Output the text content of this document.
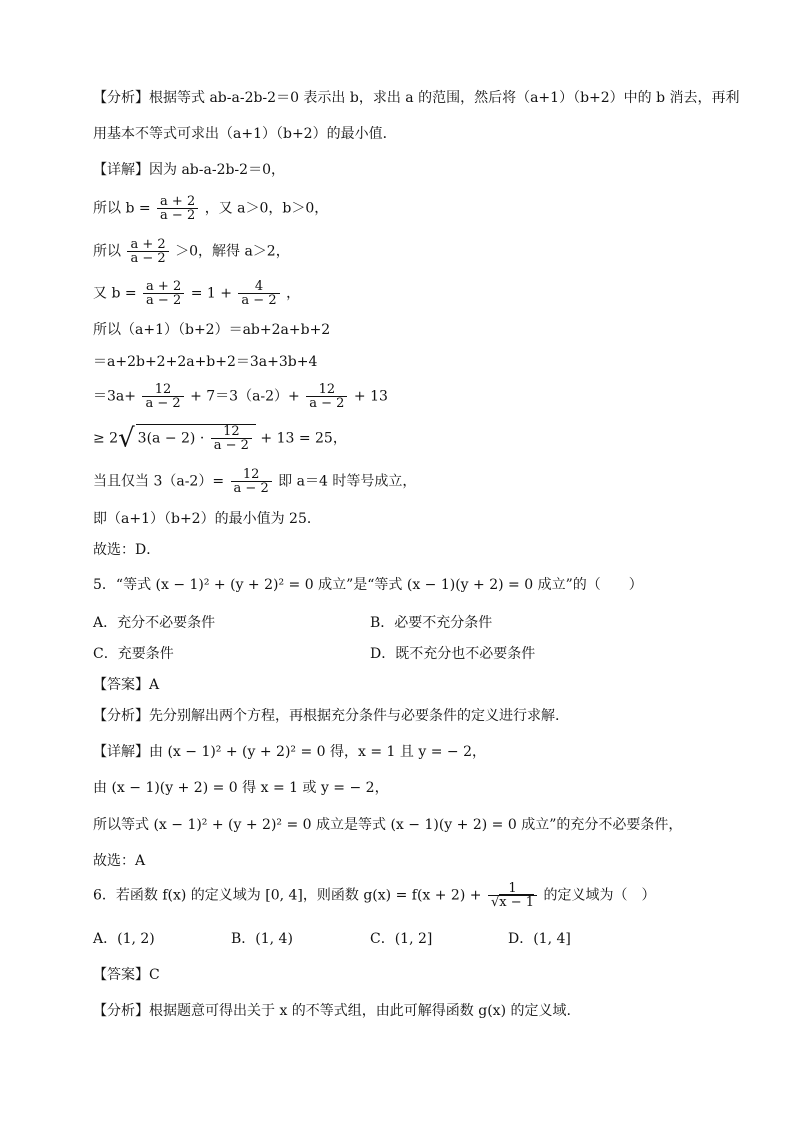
【分析】根据等式 ab-a-2b-2＝0 表示出 b，求出 a 的范围，然后将（a+1）（b+2）中的 b 消去，再利
用基本不等式可求出（a+1）（b+2）的最小值．
【详解】因为 ab-a-2b-2＝0，
所以 $b = \frac{a + 2}{a - 2}$ ，又 a＞0，b＞0，
所以 $\frac{a + 2}{a - 2} >0$，解得 a＞2，
又 $b = \frac{a + 2}{a - 2} = 1 + \frac{4}{a - 2}$ ，
所以（a+1）（b+2）＝ab+2a+b+2
＝a+2b+2+2a+b+2＝3a+3b+4
$=3a+ \frac{12}{a - 2} + 7=3(a-2)+ \frac{12}{a - 2} + 13$
≥ 2√ $3(a - 2) \cdot \frac{12}{a - 2} + 13 = 25$，
当且仅当 $3(a-2)= \frac{12}{a - 2}$ 即 a＝4 时等号成立，
即（a+1）（b+2）的最小值为 25．
故选：D．
5．“等式 (x − 1)² + (y + 2)² = 0 成立”是“等式 (x − 1)(y + 2) = 0 成立”的（　　）
A．充分不必要条件	B．必要不充分条件
C．充要条件	D．既不充分也不必要条件
【答案】A
【分析】先分别解出两个方程，再根据充分条件与必要条件的定义进行求解.
【详解】由 (x − 1)² + (y + 2)² = 0 得，x = 1 且 y = − 2，
由 (x − 1)(y + 2) = 0 得 x = 1 或 y = − 2，
所以等式 (x − 1)² + (y + 2)² = 0 成立是等式 (x − 1)(y + 2) = 0 成立”的充分不必要条件，
故选：A
6．若函数 f(x) 的定义域为 [0, 4]，则函数 $g(x) = f(x + 2) + \frac{1}{√x - 1}$ 的定义域为（　）
A．(1, 2)	B．(1, 4)	C．(1, 2]	D．(1, 4]
【答案】C
【分析】根据题意可得出关于 x 的不等式组，由此可解得函数 g(x) 的定义域.
